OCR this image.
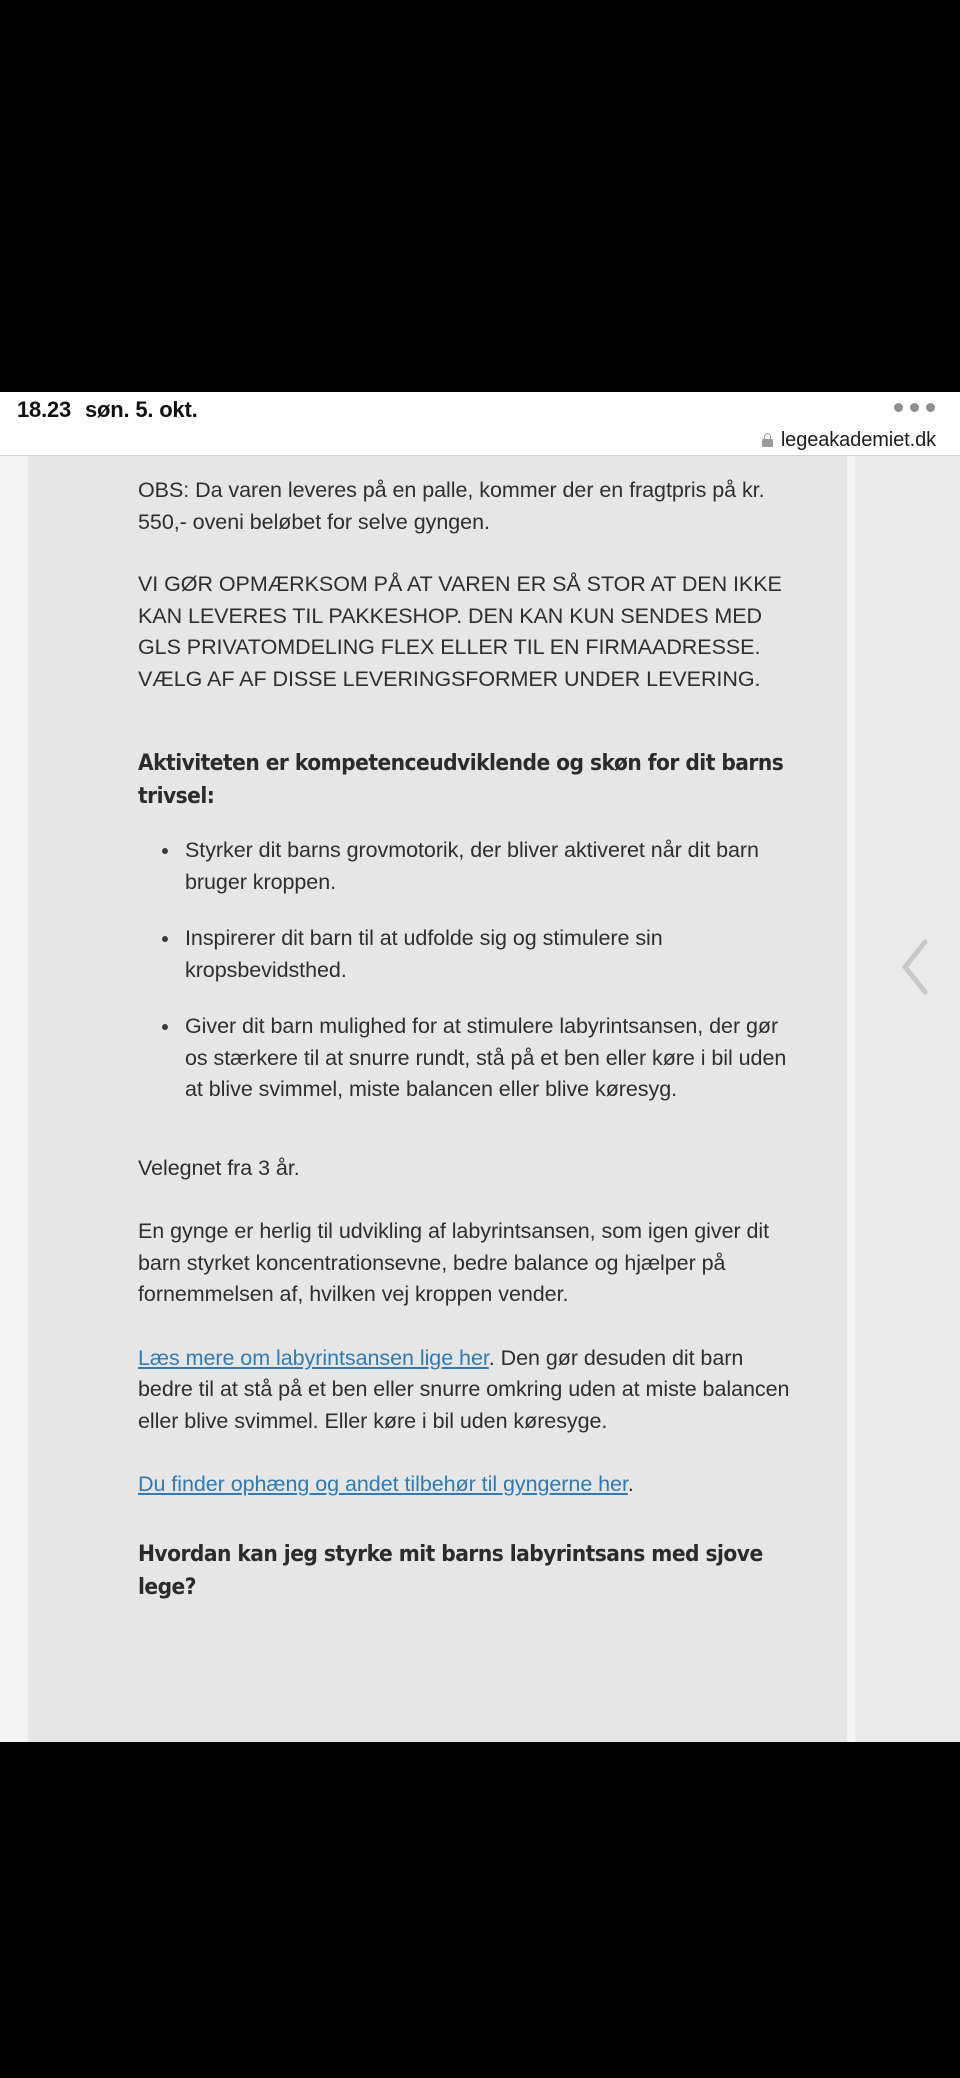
18.23 søn. 5. okt.
legeakademiet.dk

OBS: Da varen leveres på en palle, kommer der en fragtpris på kr. 550,- oveni beløbet for selve gyngen.

VI GØR OPMÆRKSOM PÅ AT VAREN ER SÅ STOR AT DEN IKKE KAN LEVERES TIL PAKKESHOP. DEN KAN KUN SENDES MED GLS PRIVATOMDELING FLEX ELLER TIL EN FIRMAADRESSE. VÆLG AF AF DISSE LEVERINGSFORMER UNDER LEVERING.

Aktiviteten er kompetenceudviklende og skøn for dit barns trivsel:
Styrker dit barns grovmotorik, der bliver aktiveret når dit barn bruger kroppen.
Inspirerer dit barn til at udfolde sig og stimulere sin kropsbevidsthed.
Giver dit barn mulighed for at stimulere labyrintsansen, der gør os stærkere til at snurre rundt, stå på et ben eller køre i bil uden at blive svimmel, miste balancen eller blive køresyg.

Velegnet fra 3 år.

En gynge er herlig til udvikling af labyrintsansen, som igen giver dit barn styrket koncentrationsevne, bedre balance og hjælper på fornemmelsen af, hvilken vej kroppen vender.

Læs mere om labyrintsansen lige her. Den gør desuden dit barn bedre til at stå på et ben eller snurre omkring uden at miste balancen eller blive svimmel. Eller køre i bil uden køresyge.

Du finder ophæng og andet tilbehør til gyngerne her.

Hvordan kan jeg styrke mit barns labyrintsans med sjove lege?
